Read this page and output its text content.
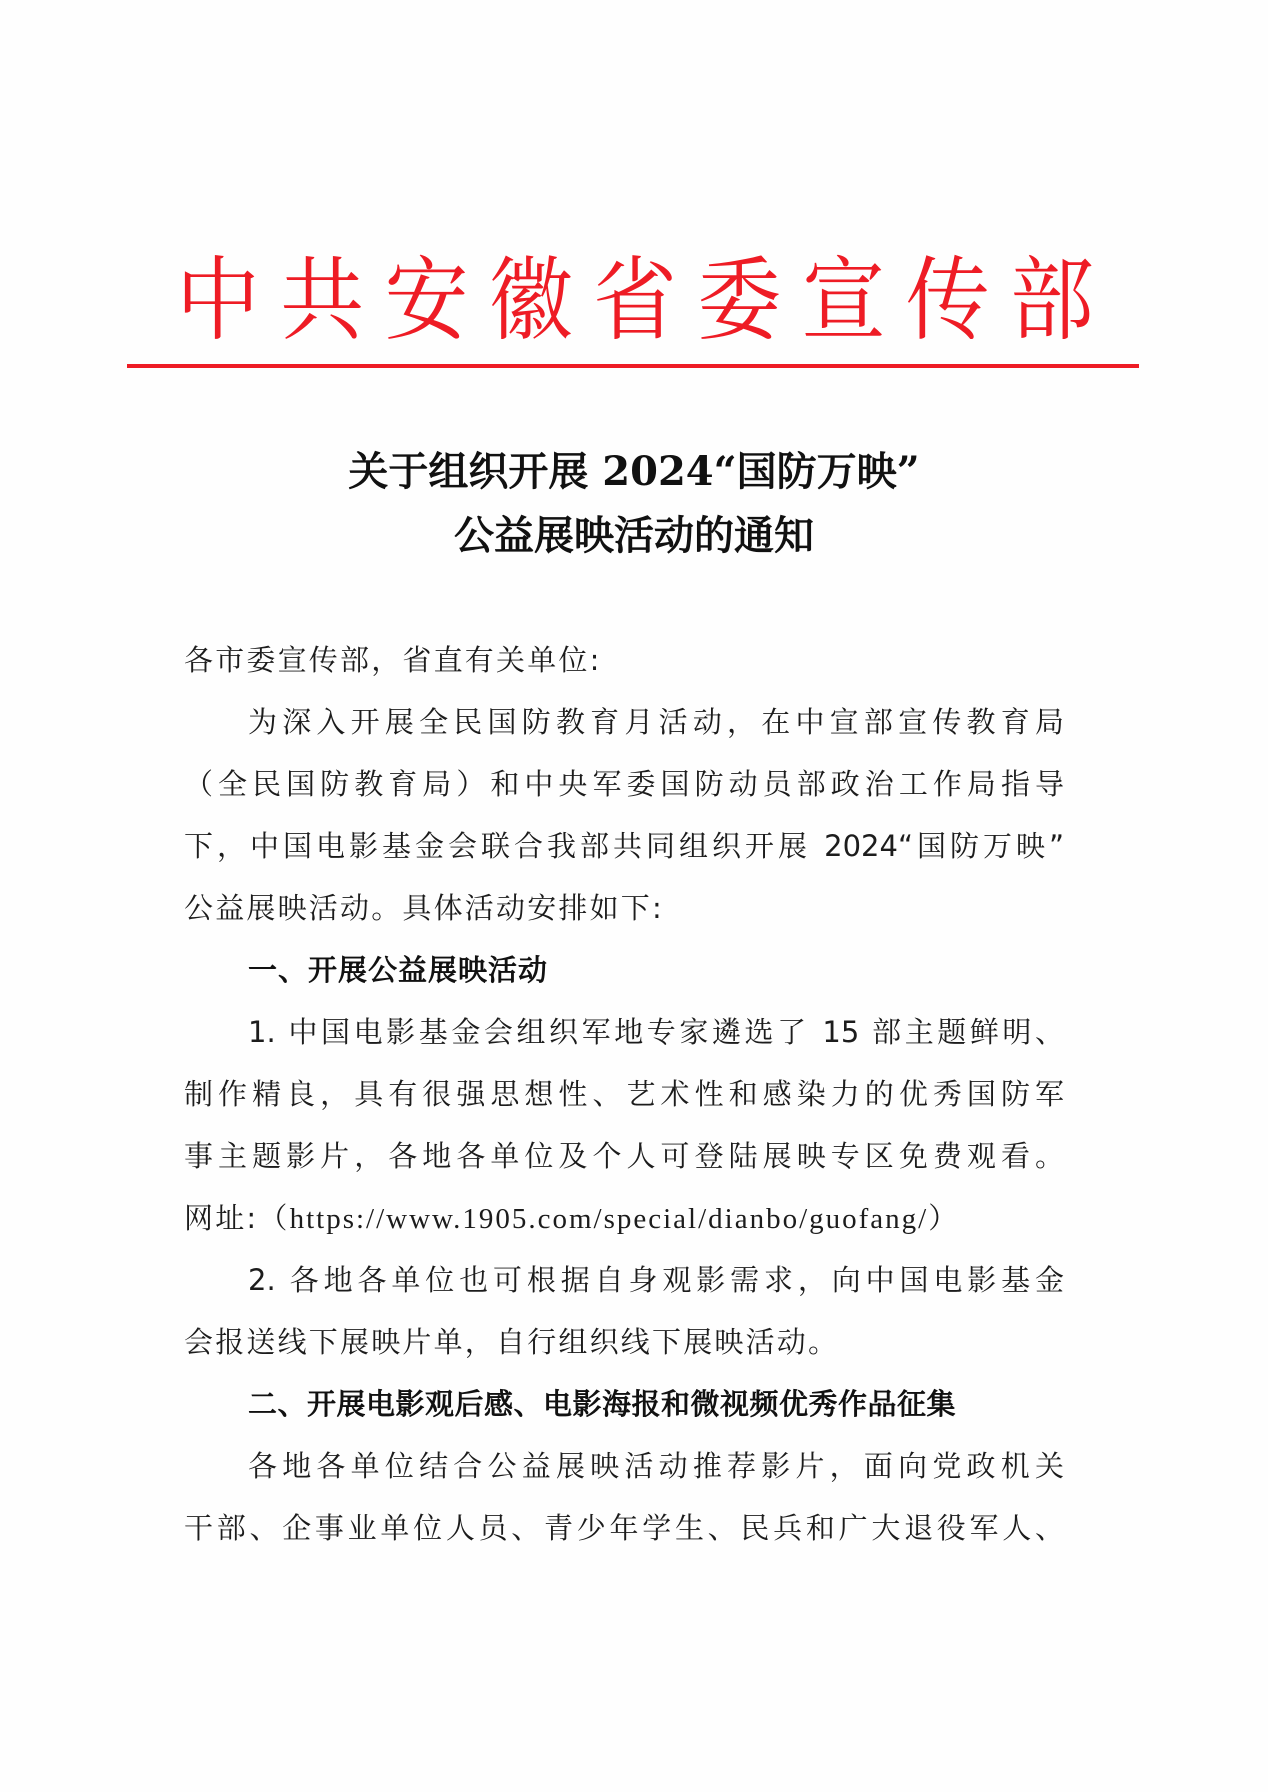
中 共 安 徽 省 委 宣 传 部
关于组织开展 2024“国防万映”
公益展映活动的通知
各市委宣传部，省直有关单位:
为深入开展全民国防教育月活动，在中宣部宣传教育局
（全民国防教育局）和中央军委国防动员部政治工作局指导
下，中国电影基金会联合我部共同组织开展 2024“国防万映”
公益展映活动。具体活动安排如下:
一、开展公益展映活动
1. 中国电影基金会组织军地专家遴选了 15 部主题鲜明、
制作精良，具有很强思想性、艺术性和感染力的优秀国防军
事主题影片，各地各单位及个人可登陆展映专区免费观看。
网址:（https://www.1905.com/special/dianbo/guofang/）
2. 各地各单位也可根据自身观影需求，向中国电影基金
会报送线下展映片单，自行组织线下展映活动。
二、开展电影观后感、电影海报和微视频优秀作品征集
各地各单位结合公益展映活动推荐影片，面向党政机关
干部、企事业单位人员、青少年学生、民兵和广大退役军人、
